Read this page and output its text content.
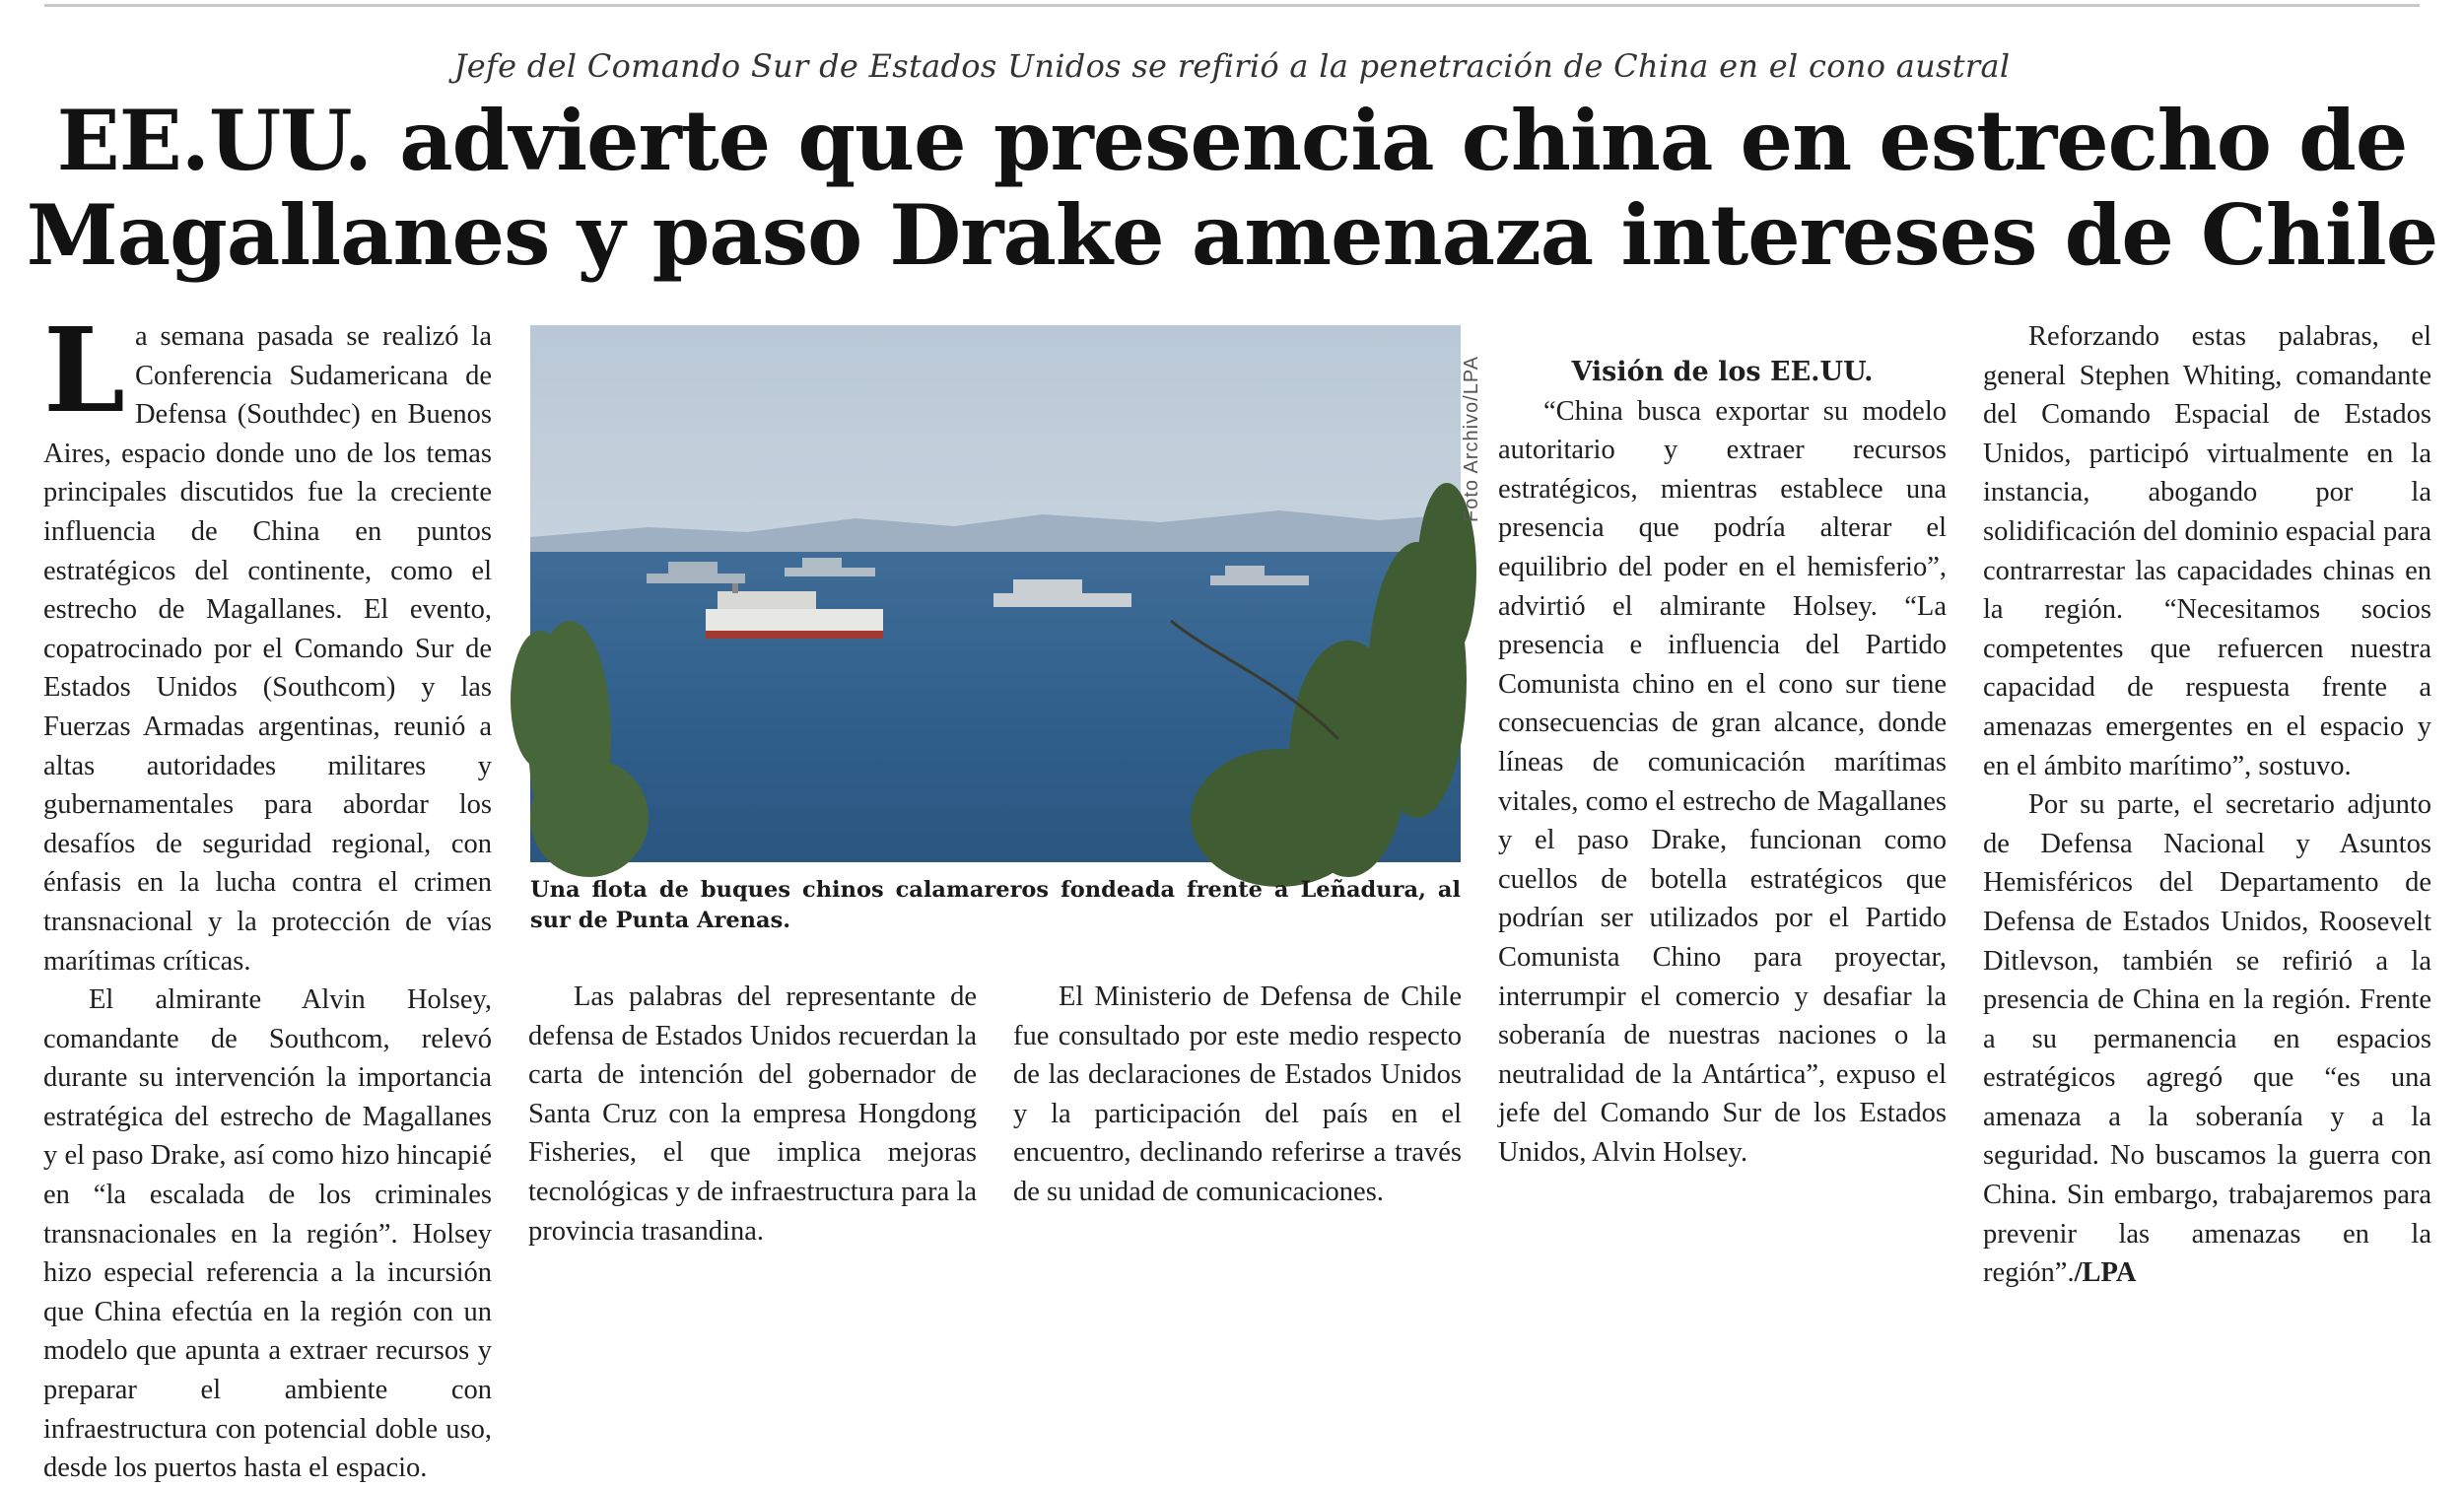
Jefe del Comando Sur de Estados Unidos se refirió a la penetración de China en el cono austral
EE.UU. advierte que presencia china en estrecho de
Magallanes y paso Drake amenaza intereses de Chile

La semana pasada se realizó la Conferencia Sudamericana de Defensa (Southdec) en Buenos Aires, espacio donde uno de los temas principales discutidos fue la creciente influencia de China en puntos estratégicos del continente, como el estrecho de Magallanes. El evento, copatrocinado por el Comando Sur de Estados Unidos (Southcom) y las Fuerzas Armadas argentinas, reunió a altas autoridades militares y gubernamentales para abordar los desafíos de seguridad regional, con énfasis en la lucha contra el crimen transnacional y la protección de vías marítimas críticas.

El almirante Alvin Holsey, comandante de Southcom, relevó durante su intervención la importancia estratégica del estrecho de Magallanes y el paso Drake, así como hizo hincapié en “la escalada de los criminales transnacionales en la región”. Holsey hizo especial referencia a la incursión que China efectúa en la región con un modelo que apunta a extraer recursos y preparar el ambiente con infraestructura con potencial doble uso, desde los puertos hasta el espacio.

Foto Archivo/LPA
Una flota de buques chinos calamareros fondeada frente a Leñadura, al sur de Punta Arenas.

Las palabras del representante de defensa de Estados Unidos recuerdan la carta de intención del gobernador de Santa Cruz con la empresa Hongdong Fisheries, el que implica mejoras tecnológicas y de infraestructura para la provincia trasandina.

El Ministerio de Defensa de Chile fue consultado por este medio respecto de las declaraciones de Estados Unidos y la participación del país en el encuentro, declinando referirse a través de su unidad de comunicaciones.

Visión de los EE.UU.

“China busca exportar su modelo autoritario y extraer recursos estratégicos, mientras establece una presencia que podría alterar el equilibrio del poder en el hemisferio”, advirtió el almirante Holsey. “La presencia e influencia del Partido Comunista chino en el cono sur tiene consecuencias de gran alcance, donde líneas de comunicación marítimas vitales, como el estrecho de Magallanes y el paso Drake, funcionan como cuellos de botella estratégicos que podrían ser utilizados por el Partido Comunista Chino para proyectar, interrumpir el comercio y desafiar la soberanía de nuestras naciones o la neutralidad de la Antártica”, expuso el jefe del Comando Sur de los Estados Unidos, Alvin Holsey.

Reforzando estas palabras, el general Stephen Whiting, comandante del Comando Espacial de Estados Unidos, participó virtualmente en la instancia, abogando por la solidificación del dominio espacial para contrarrestar las capacidades chinas en la región. “Necesitamos socios competentes que refuercen nuestra capacidad de respuesta frente a amenazas emergentes en el espacio y en el ámbito marítimo”, sostuvo.

Por su parte, el secretario adjunto de Defensa Nacional y Asuntos Hemisféricos del Departamento de Defensa de Estados Unidos, Roosevelt Ditlevson, también se refirió a la presencia de China en la región. Frente a su permanencia en espacios estratégicos agregó que “es una amenaza a la soberanía y a la seguridad. No buscamos la guerra con China. Sin embargo, trabajaremos para prevenir las amenazas en la región”./LPA
